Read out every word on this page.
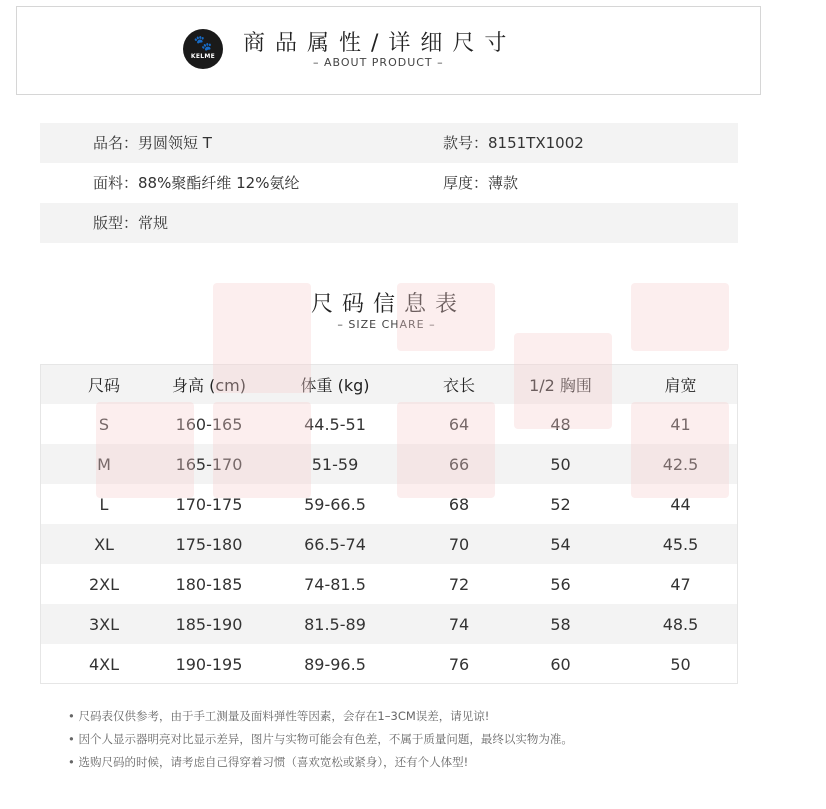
🐾
KELME
商品属性/详细尺寸
– ABOUT PRODUCT –
品名：男圆领短 T	款号：8151TX1002
面料：88%聚酯纤维 12%氨纶	厚度：薄款
版型：常规
尺码信息表
– SIZE CHARE –
尺码	身高 (cm)	体重 (kg)	衣长	1/2 胸围	肩宽
S	160-165	44.5-51	64	48	41
M	165-170	51-59	66	50	42.5
L	170-175	59-66.5	68	52	44
XL	175-180	66.5-74	70	54	45.5
2XL	180-185	74-81.5	72	56	47
3XL	185-190	81.5-89	74	58	48.5
4XL	190-195	89-96.5	76	60	50
• 尺码表仅供参考，由于手工测量及面料弹性等因素，会存在1–3CM误差，请见谅!
• 因个人显示器明亮对比显示差异，图片与实物可能会有色差，不属于质量问题，最终以实物为准。
• 选购尺码的时候，请考虑自己得穿着习惯（喜欢宽松或紧身），还有个人体型!
